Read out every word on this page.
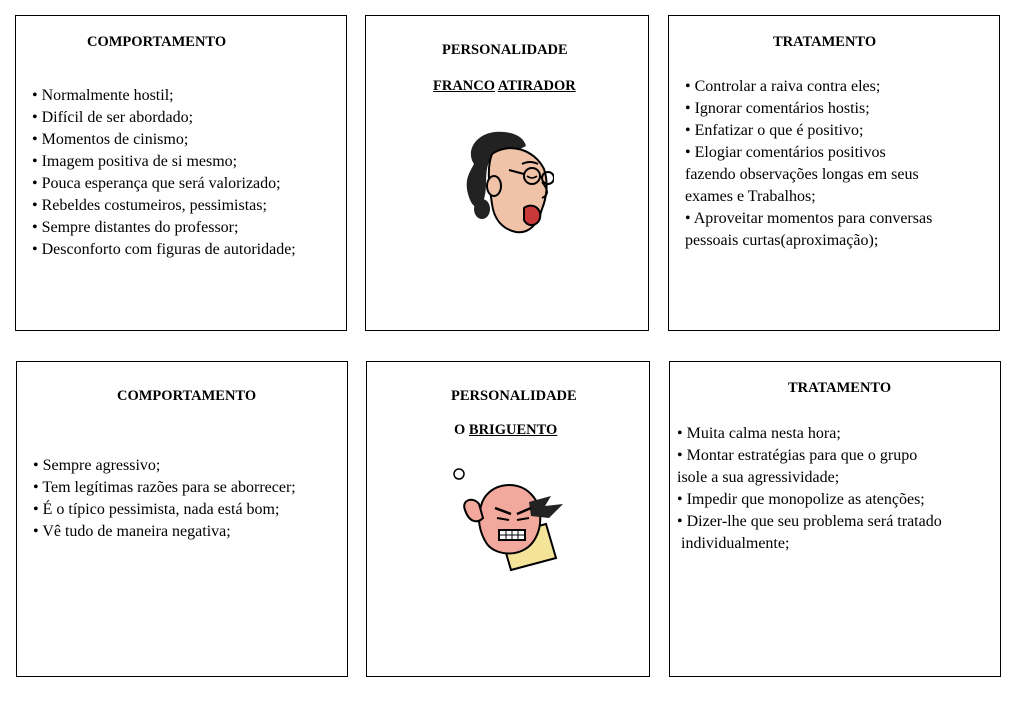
COMPORTAMENTO
• Normalmente hostil;
• Difícil de ser abordado;
• Momentos de cinismo;
• Imagem positiva de si mesmo;
• Pouca esperança que será valorizado;
• Rebeldes costumeiros, pessimistas;
• Sempre distantes do professor;
• Desconforto com figuras de autoridade;
PERSONALIDADE
FRANCO ATIRADOR
TRATAMENTO
• Controlar a raiva contra eles;
• Ignorar comentários hostis;
• Enfatizar o que é positivo;
• Elogiar comentários positivos
fazendo observações longas em seus
exames e Trabalhos;
• Aproveitar momentos para conversas
pessoais curtas(aproximação);
COMPORTAMENTO
• Sempre agressivo;
• Tem legítimas razões para se aborrecer;
• É o típico pessimista, nada está bom;
• Vê tudo de maneira negativa;
PERSONALIDADE
O BRIGUENTO
TRATAMENTO
• Muita calma nesta hora;
• Montar estratégias para que o grupo
isole a sua agressividade;
• Impedir que monopolize as atenções;
• Dizer-lhe que seu problema será tratado
individualmente;
